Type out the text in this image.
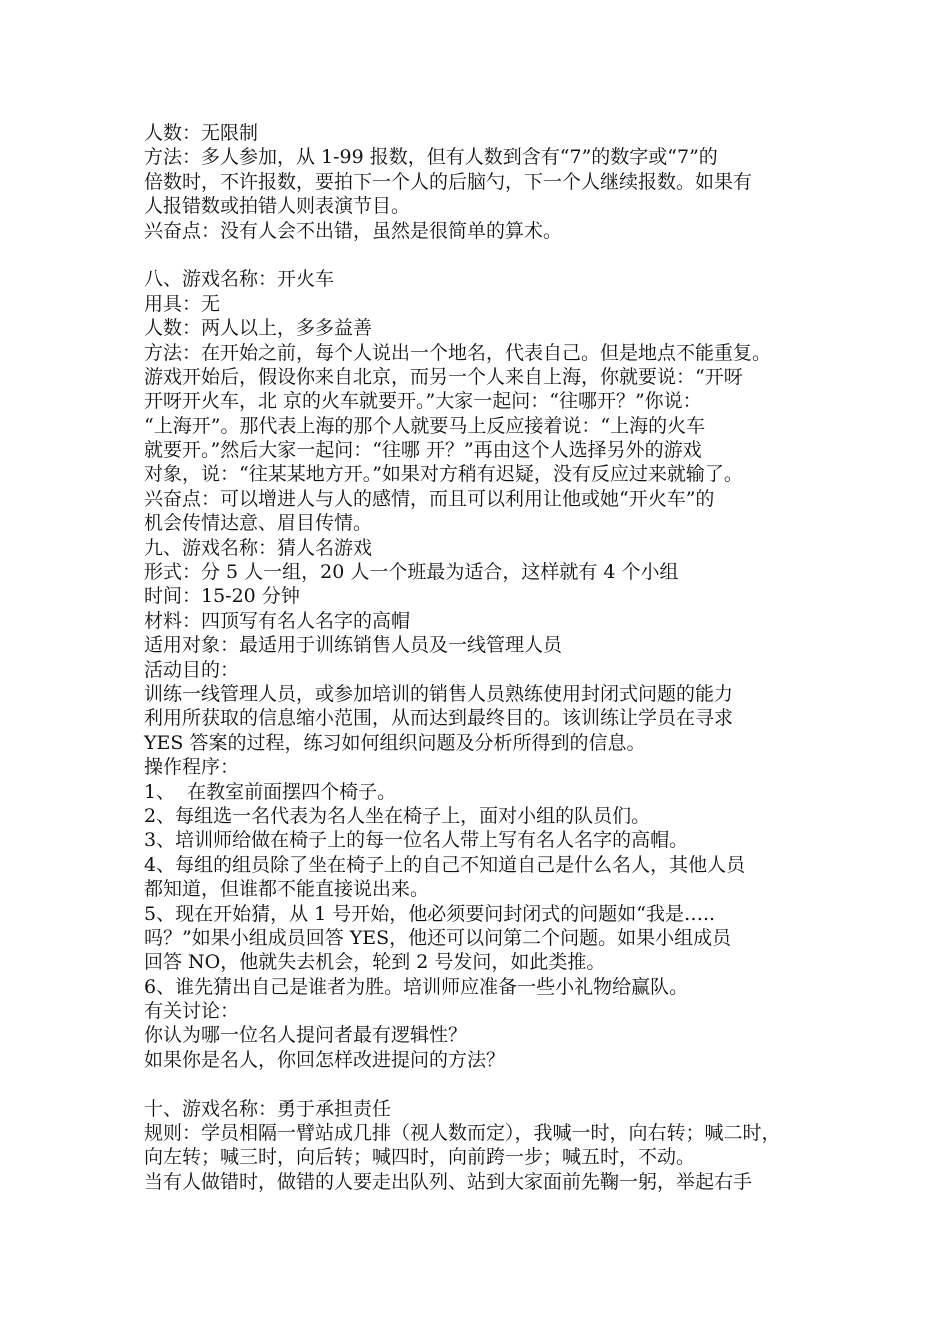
人数：无限制
方法：多人参加，从 1-99 报数，但有人数到含有“7”的数字或“7”的
倍数时，不许报数，要拍下一个人的后脑勺，下一个人继续报数。如果有
人报错数或拍错人则表演节目。
兴奋点：没有人会不出错，虽然是很简单的算术。
八、游戏名称：开火车
用具：无
人数：两人以上，多多益善
方法：在开始之前，每个人说出一个地名，代表自己。但是地点不能重复。
游戏开始后，假设你来自北京，而另一个人来自上海，你就要说：“开呀
开呀开火车，北 京的火车就要开。”大家一起问：“往哪开？”你说：
“上海开”。那代表上海的那个人就要马上反应接着说：“上海的火车
就要开。”然后大家一起问：“往哪 开？”再由这个人选择另外的游戏
对象，说：“往某某地方开。”如果对方稍有迟疑，没有反应过来就输了。
兴奋点：可以增进人与人的感情，而且可以利用让他或她“开火车”的
机会传情达意、眉目传情。
九、游戏名称：猜人名游戏
形式：分 5 人一组，20 人一个班最为适合，这样就有 4 个小组
时间：15-20 分钟
材料：四顶写有名人名字的高帽
适用对象：最适用于训练销售人员及一线管理人员
活动目的：
训练一线管理人员，或参加培训的销售人员熟练使用封闭式问题的能力
利用所获取的信息缩小范围，从而达到最终目的。该训练让学员在寻求
YES 答案的过程，练习如何组织问题及分析所得到的信息。
操作程序：
1、  在教室前面摆四个椅子。
2、每组选一名代表为名人坐在椅子上，面对小组的队员们。
3、培训师给做在椅子上的每一位名人带上写有名人名字的高帽。
4、每组的组员除了坐在椅子上的自己不知道自己是什么名人，其他人员
都知道，但谁都不能直接说出来。
5、现在开始猜，从 1 号开始，他必须要问封闭式的问题如“我是…..
吗？”如果小组成员回答 YES，他还可以问第二个问题。如果小组成员
回答 NO，他就失去机会，轮到 2 号发问，如此类推。
6、谁先猜出自己是谁者为胜。培训师应准备一些小礼物给赢队。
有关讨论：
你认为哪一位名人提问者最有逻辑性？
如果你是名人，你回怎样改进提问的方法？
十、游戏名称：勇于承担责任
规则：学员相隔一臂站成几排（视人数而定），我喊一时，向右转；喊二时，
向左转；喊三时，向后转；喊四时，向前跨一步；喊五时，不动。
当有人做错时，做错的人要走出队列、站到大家面前先鞠一躬，举起右手
